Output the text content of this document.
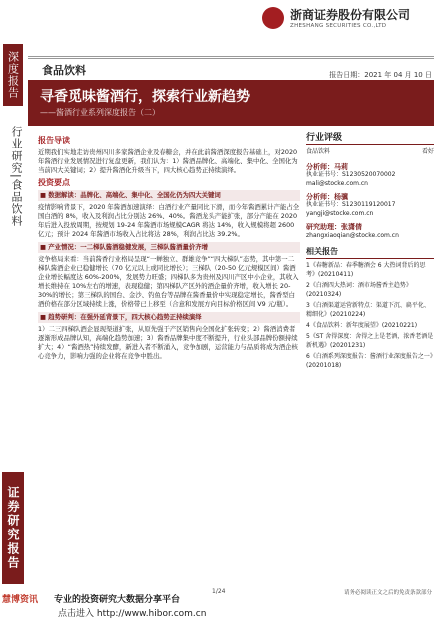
深度报告
行业研究|食品饮料
证券研究报告
浙商证券股份有限公司
ZHESHANG SECURITIES CO.,LTD
食品饮料	报告日期：2021 年 04 月 10 日
寻香觅味酱酒行，探索行业新趋势
——酱酒行业系列深度报告（二）
报告导读

近期我们实地走访贵州四川多家酱酒企业及春糖会，并在此前酱酒深度报告基础上，对2020 年酱酒行业发展情况进行复盘更新，我们认为：1）酱酒品牌化、高端化、集中化、全国化为当前四大关键词；2）提升酱酒化升级当下，四大核心趋势正持续演绎。

投资要点
■ 数据解读：品牌化、高端化、集中化、全国化仍为四大关键词

疫情影响背景下，2020 年酱酒加速演绎：白酒行业产量同比下滑，而今年酱酒累计产能占全国白酒的 8%，收入及利润占比分别达 26%、40%。酱酒龙头产能扩张，部分产能在 2020 年后进入投放周期，按规划 19-24 年酱酒市场规模CAGR 将达 14%，收入规模将超 2600 亿元；预计 2024 年酱酒市场收入占比将达 28%，利润占比达 39.2%。

■ 产业情况：一二梯队酱酒稳健发展，三梯队酱酒量价齐增

竞争格局来看：当前酱香行业格局呈现“一蝉独立、群雄竞争”“四大梯队”态势，其中第一二梯队酱酒企业已稳健增长（70 亿元以上或同比增长）；三梯队（20-50 亿元规模区间）酱酒企业增长幅度达 60%-200%，发展势力旺盛；四梯队多为贵州及四川产区中小企业，其收入增长维持在 10%左右的增速，表现稳健；第四梯队产区外的酒企量价齐增，收入增长 20-30%的增长；第三梯队的国台、金沙、钓鱼台等品牌在酱香量价中实现稳定增长，酱香型白酒价格在部分区域持续上涨，价格带已上移至（合意和发展方向目标价格区间 V9 元/瓶）。

■ 趋势研判：在强外延背景下，四大核心趋势正持续演绎

1）二三四梯队酒企显现渠道扩张，从原先强于产区销售向全国化扩张转变；2）酱酒消费者逐渐形成品牌认知，高端化趋势加速；3）酱香品牌集中度不断提升，行业头部品牌份额持续扩大；4）“酱酒热”持续发酵，新进入者不断涌入，竞争加剧，运营能力与品质将成为酒企核心竞争力，影响力强的企业将在竞争中胜出。

行业评级
食品饮料	看好
分析师：马莉
执业证书号：S1230520070002
mali@stocke.com.cn
分析师：杨骥
执业证书号：S1230119120017
yangji@stocke.com.cn
研究助理：张潇倩
zhangxiaoqian@stocke.com.cn
相关报告
1《春糖新品：春季糖酒会 6 大热词背后的思考》(20210411)
2《白酒四大热词：酒市场酱香主趋势》(20210324)
3《白酒渠道运营新特点：渠道下沉、扁平化、精细化》(20210224)
4《食品饮料：新年度展望》(20210221)
5《ST 舍得深度：舍得之上是老酒，浓香老酒是新机遇》(20201231)
6《白酒系列深度报告：酱酒行业深度报告之一》(20201018)
1/24	请务必阅读正文之后的免责条款部分
慧博资讯 专业的投资研究大数据分享平台
点击进入 http://www.hibor.com.cn
